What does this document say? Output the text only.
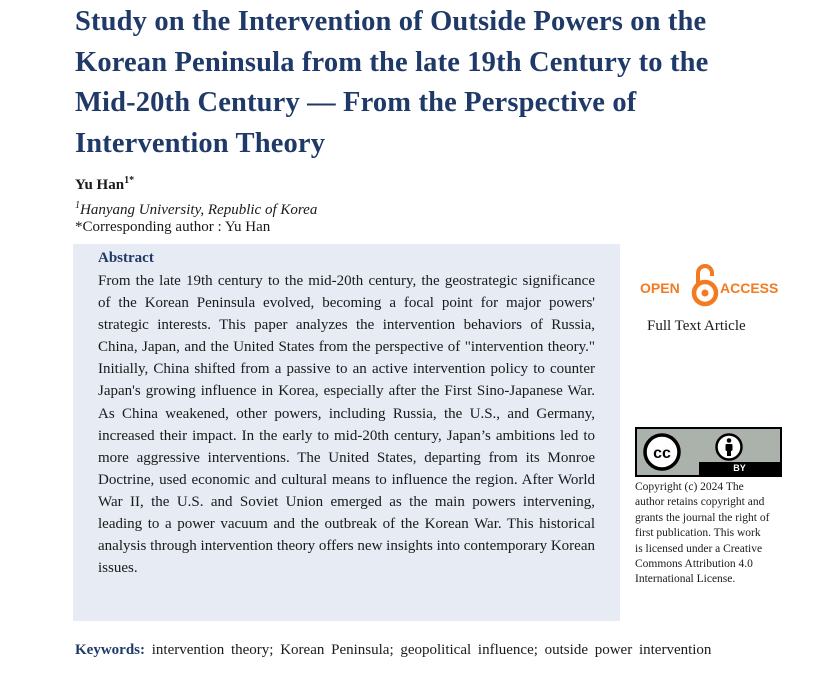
Study on the Intervention of Outside Powers on the Korean Peninsula from the late 19th Century to the Mid-20th Century — From the Perspective of Intervention Theory
Yu Han$^{1*}$
$^1$Hanyang University, Republic of Korea
*Corresponding author : Yu Han
Abstract

From the late 19th century to the mid-20th century, the geostrategic significance of the Korean Peninsula evolved, becoming a focal point for major powers' strategic interests. This paper analyzes the intervention behaviors of Russia, China, Japan, and the United States from the perspective of "intervention theory." Initially, China shifted from a passive to an active intervention policy to counter Japan's growing influence in Korea, especially after the First Sino-Japanese War. As China weakened, other powers, including Russia, the U.S., and Germany, increased their impact. In the early to mid-20th century, Japan’s ambitions led to more aggressive interventions. The United States, departing from its Monroe Doctrine, used economic and cultural means to influence the region. After World War II, the U.S. and Soviet Union emerged as the main powers intervening, leading to a power vacuum and the outbreak of the Korean War. This historical analysis through intervention theory offers new insights into contemporary Korean issues.

OPEN	ACCESS
Full Text Article
cc
BY

Copyright (c) 2024 The author retains copyright and grants the journal the right of first publication. This work is licensed under a Creative Commons Attribution 4.0 International License.

Keywords: intervention theory; Korean Peninsula; geopolitical influence; outside power intervention
